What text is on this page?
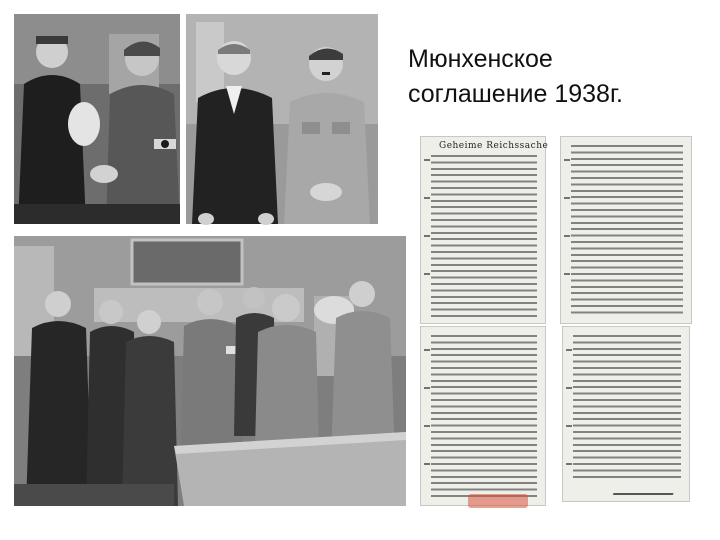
Мюнхенское
соглашение 1938г.
Geheime Reichssache
